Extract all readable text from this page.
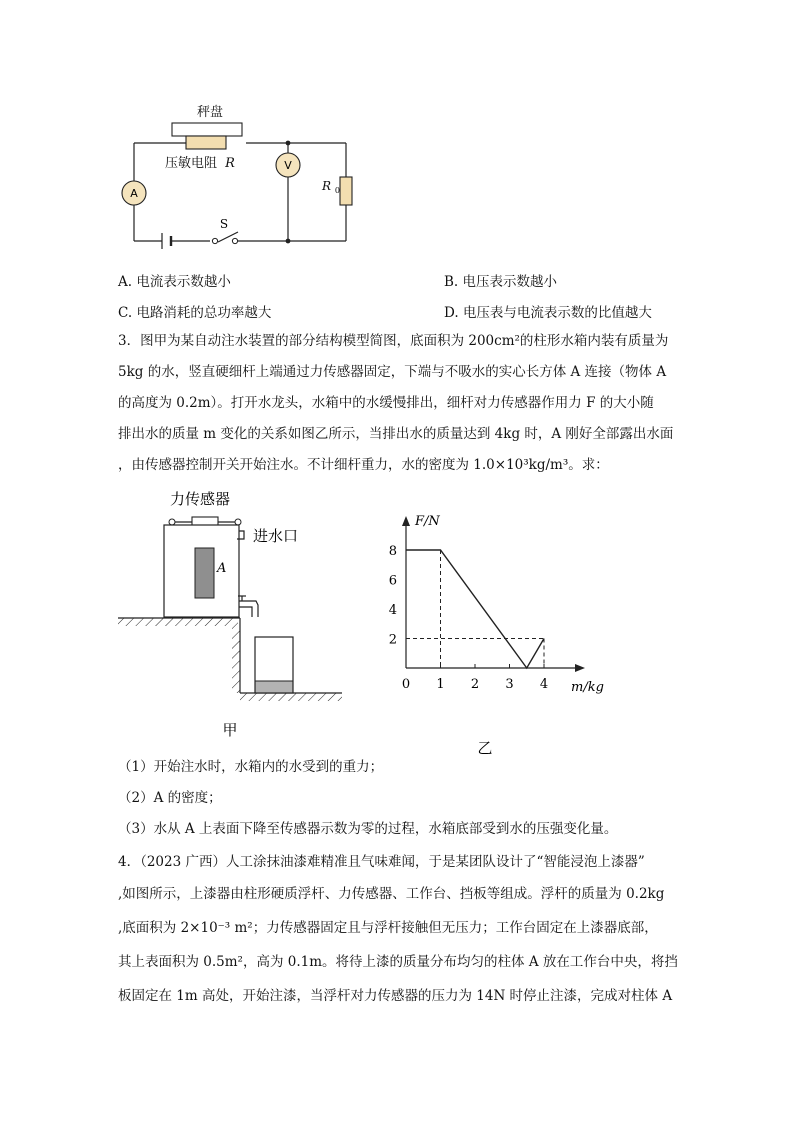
秤盘
压敏电阻 R
A
V
R $_0$
S
A. 电流表示数越小	B. 电压表示数越小
C. 电路消耗的总功率越大	D. 电压表与电流表示数的比值越大
3．图甲为某自动注水装置的部分结构模型简图，底面积为 200cm²的柱形水箱内装有质量为
5kg 的水，竖直硬细杆上端通过力传感器固定，下端与不吸水的实心长方体 A 连接（物体 A
的高度为 0.2m）。打开水龙头，水箱中的水缓慢排出，细杆对力传感器作用力 F 的大小随
排出水的质量 m 变化的关系如图乙所示，当排出水的质量达到 4kg 时，A 刚好全部露出水面
，由传感器控制开关开始注水。不计细杆重力，水的密度为 1.0×10³kg/m³。求：
力传感器
进水口
A
甲
1 2 3 4
2
4
6
8
F/N
m/kg
0
乙
（1）开始注水时，水箱内的水受到的重力；
（2）A 的密度；
（3）水从 A 上表面下降至传感器示数为零的过程，水箱底部受到水的压强变化量。
4．（2023 广西）人工涂抹油漆难精准且气味难闻，于是某团队设计了“智能浸泡上漆器”
,如图所示，上漆器由柱形硬质浮杆、力传感器、工作台、挡板等组成。浮杆的质量为 0.2kg
,底面积为 2×10⁻³ m²；力传感器固定且与浮杆接触但无压力；工作台固定在上漆器底部，
其上表面积为 0.5m²，高为 0.1m。将待上漆的质量分布均匀的柱体 A 放在工作台中央，将挡
板固定在 1m 高处，开始注漆，当浮杆对力传感器的压力为 14N 时停止注漆，完成对柱体 A
